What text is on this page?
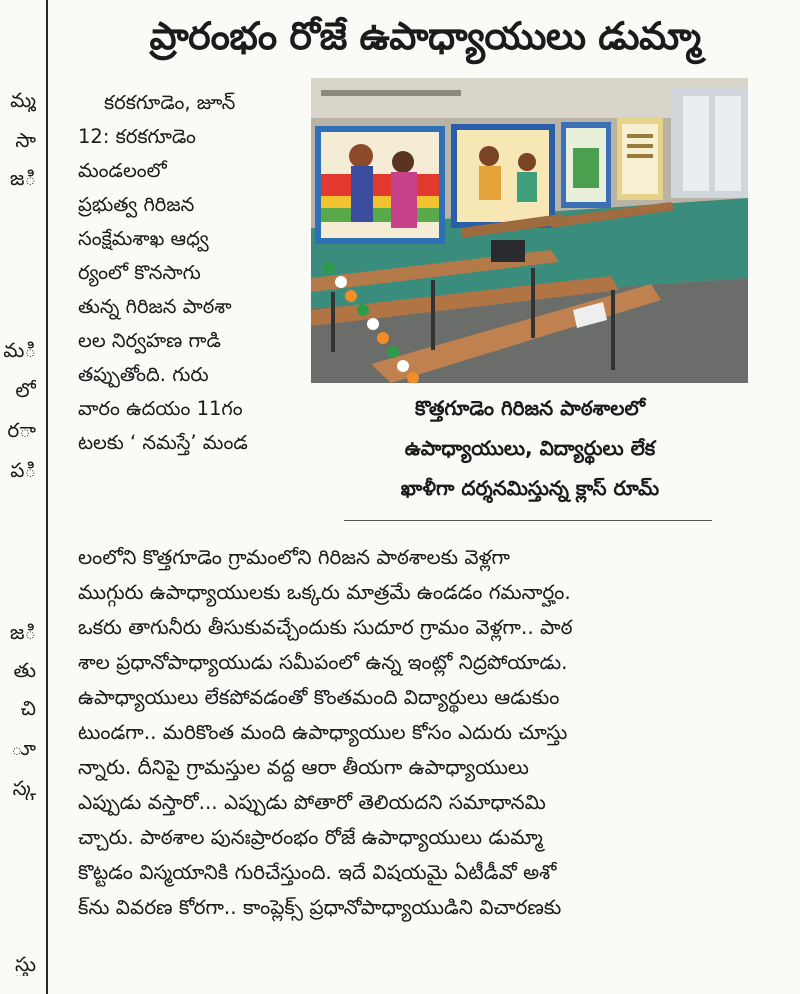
మ్మ
సా
ిజ
ిమ
లో
ార
ిప
ిజ
తు
చి
ూ
స్క
స్తు
ప్రారంభం రోజే ఉపాధ్యాయులు డుమ్మా
కరకగూడెం, జూన్
12: కరకగూడెం
మండలంలో
ప్రభుత్వ గిరిజన
సంక్షేమశాఖ ఆధ్వ
ర్యంలో కొనసాగు
తున్న గిరిజన పాఠశా
లల నిర్వహణ గాడి
తప్పుతోంది. గురు
వారం ఉదయం 11గం
టలకు ‘ నమస్తే’ మండ
కొత్తగూడెం గిరిజన పాఠశాలలో
ఉపాధ్యాయులు, విద్యార్థులు లేక
ఖాళీగా దర్శనమిస్తున్న క్లాస్ రూమ్
లంలోని కొత్తగూడెం గ్రామంలోని గిరిజన పాఠశాలకు వెళ్లగా
ముగ్గురు ఉపాధ్యాయులకు ఒక్కరు మాత్రమే ఉండడం గమనార్హం.
ఒకరు తాగునీరు తీసుకువచ్చేందుకు సుదూర గ్రామం వెళ్లగా.. పాఠ
శాల ప్రధానోపాధ్యాయుడు సమీపంలో ఉన్న ఇంట్లో నిద్రపోయాడు.
ఉపాధ్యాయులు లేకపోవడంతో కొంతమంది విద్యార్థులు ఆడుకుం
టుండగా.. మరికొంత మంది ఉపాధ్యాయుల కోసం ఎదురు చూస్తు
న్నారు. దీనిపై గ్రామస్తుల వద్ద ఆరా తీయగా ఉపాధ్యాయులు
ఎప్పుడు వస్తారో... ఎప్పుడు పోతారో తెలియదని సమాధానమి
చ్చారు. పాఠశాల పునఃప్రారంభం రోజే ఉపాధ్యాయులు డుమ్మా
కొట్టడం విస్మయానికి గురిచేస్తుంది. ఇదే విషయమై ఏటీడీవో అశో
క్‌ను వివరణ కోరగా.. కాంప్లెక్స్ ప్రధానోపాధ్యాయుడిని విచారణకు
